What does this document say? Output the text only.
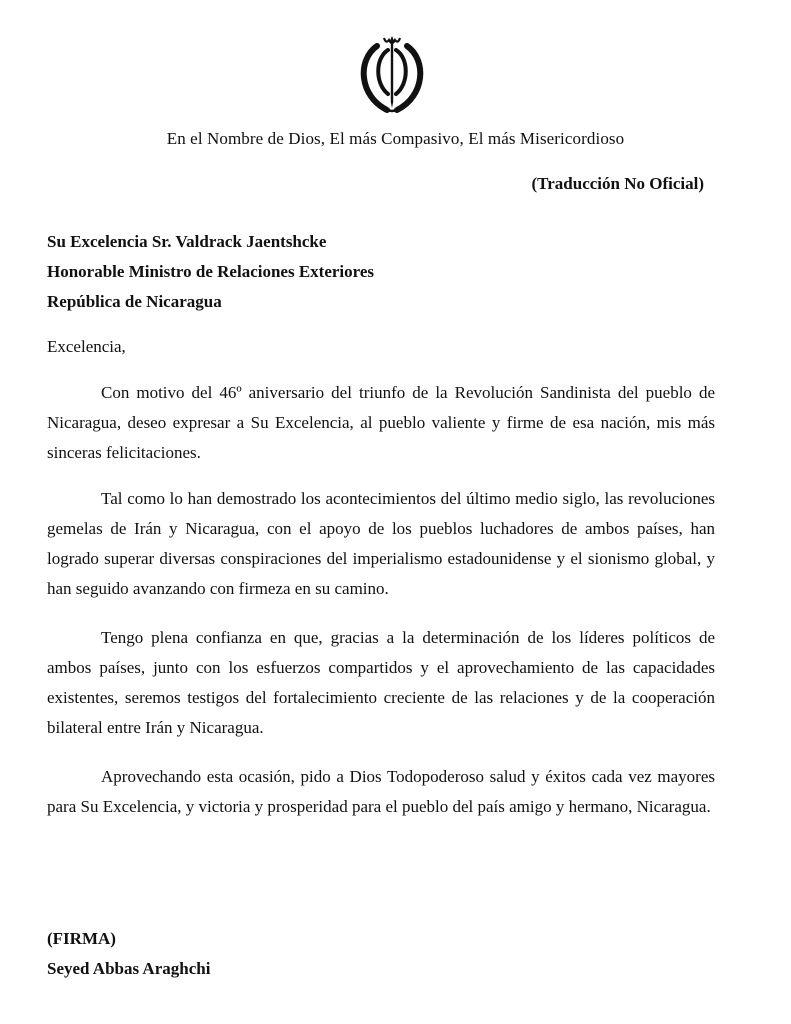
En el Nombre de Dios, El más Compasivo, El más Misericordioso
(Traducción No Oficial)
Su Excelencia Sr. Valdrack Jaentshcke
Honorable Ministro de Relaciones Exteriores
República de Nicaragua
Excelencia,

Con motivo del 46º aniversario del triunfo de la Revolución Sandinista del pueblo de Nicaragua, deseo expresar a Su Excelencia, al pueblo valiente y firme de esa nación, mis más sinceras felicitaciones.

Tal como lo han demostrado los acontecimientos del último medio siglo, las revoluciones gemelas de Irán y Nicaragua, con el apoyo de los pueblos luchadores de ambos países, han logrado superar diversas conspiraciones del imperialismo estadounidense y el sionismo global, y han seguido avanzando con firmeza en su camino.

Tengo plena confianza en que, gracias a la determinación de los líderes políticos de ambos países, junto con los esfuerzos compartidos y el aprovechamiento de las capacidades existentes, seremos testigos del fortalecimiento creciente de las relaciones y de la cooperación bilateral entre Irán y Nicaragua.

Aprovechando esta ocasión, pido a Dios Todopoderoso salud y éxitos cada vez mayores para Su Excelencia, y victoria y prosperidad para el pueblo del país amigo y hermano, Nicaragua.

(FIRMA)
Seyed Abbas Araghchi
